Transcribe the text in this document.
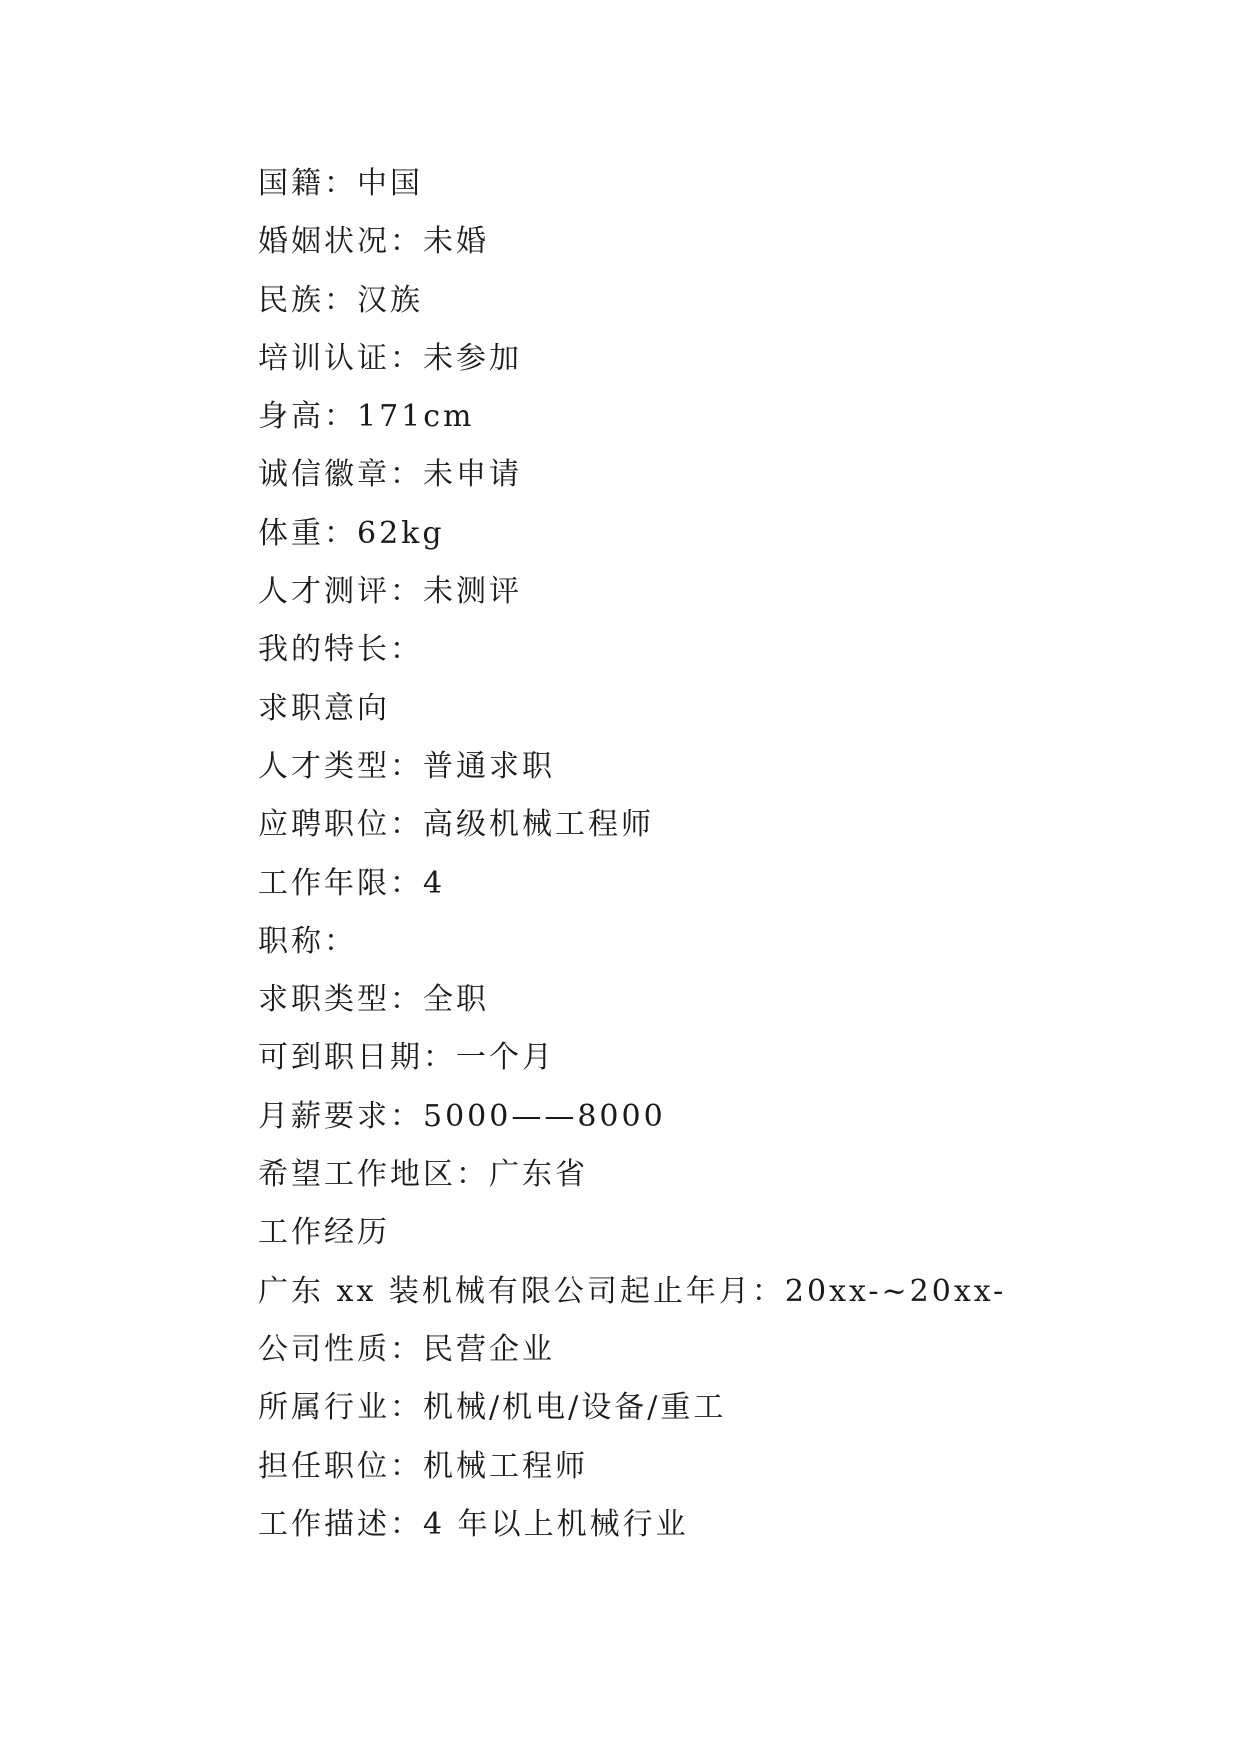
国籍：中国
婚姻状况：未婚
民族：汉族
培训认证：未参加
身高：171cm
诚信徽章：未申请
体重：62kg
人才测评：未测评
我的特长：
求职意向
人才类型：普通求职
应聘职位：高级机械工程师
工作年限：4
职称：
求职类型：全职
可到职日期：一个月
月薪要求：5000——8000
希望工作地区：广东省
工作经历
广东 xx 装机械有限公司起止年月：20xx-~20xx-
公司性质：民营企业
所属行业：机械/机电/设备/重工
担任职位：机械工程师
工作描述：4 年以上机械行业
